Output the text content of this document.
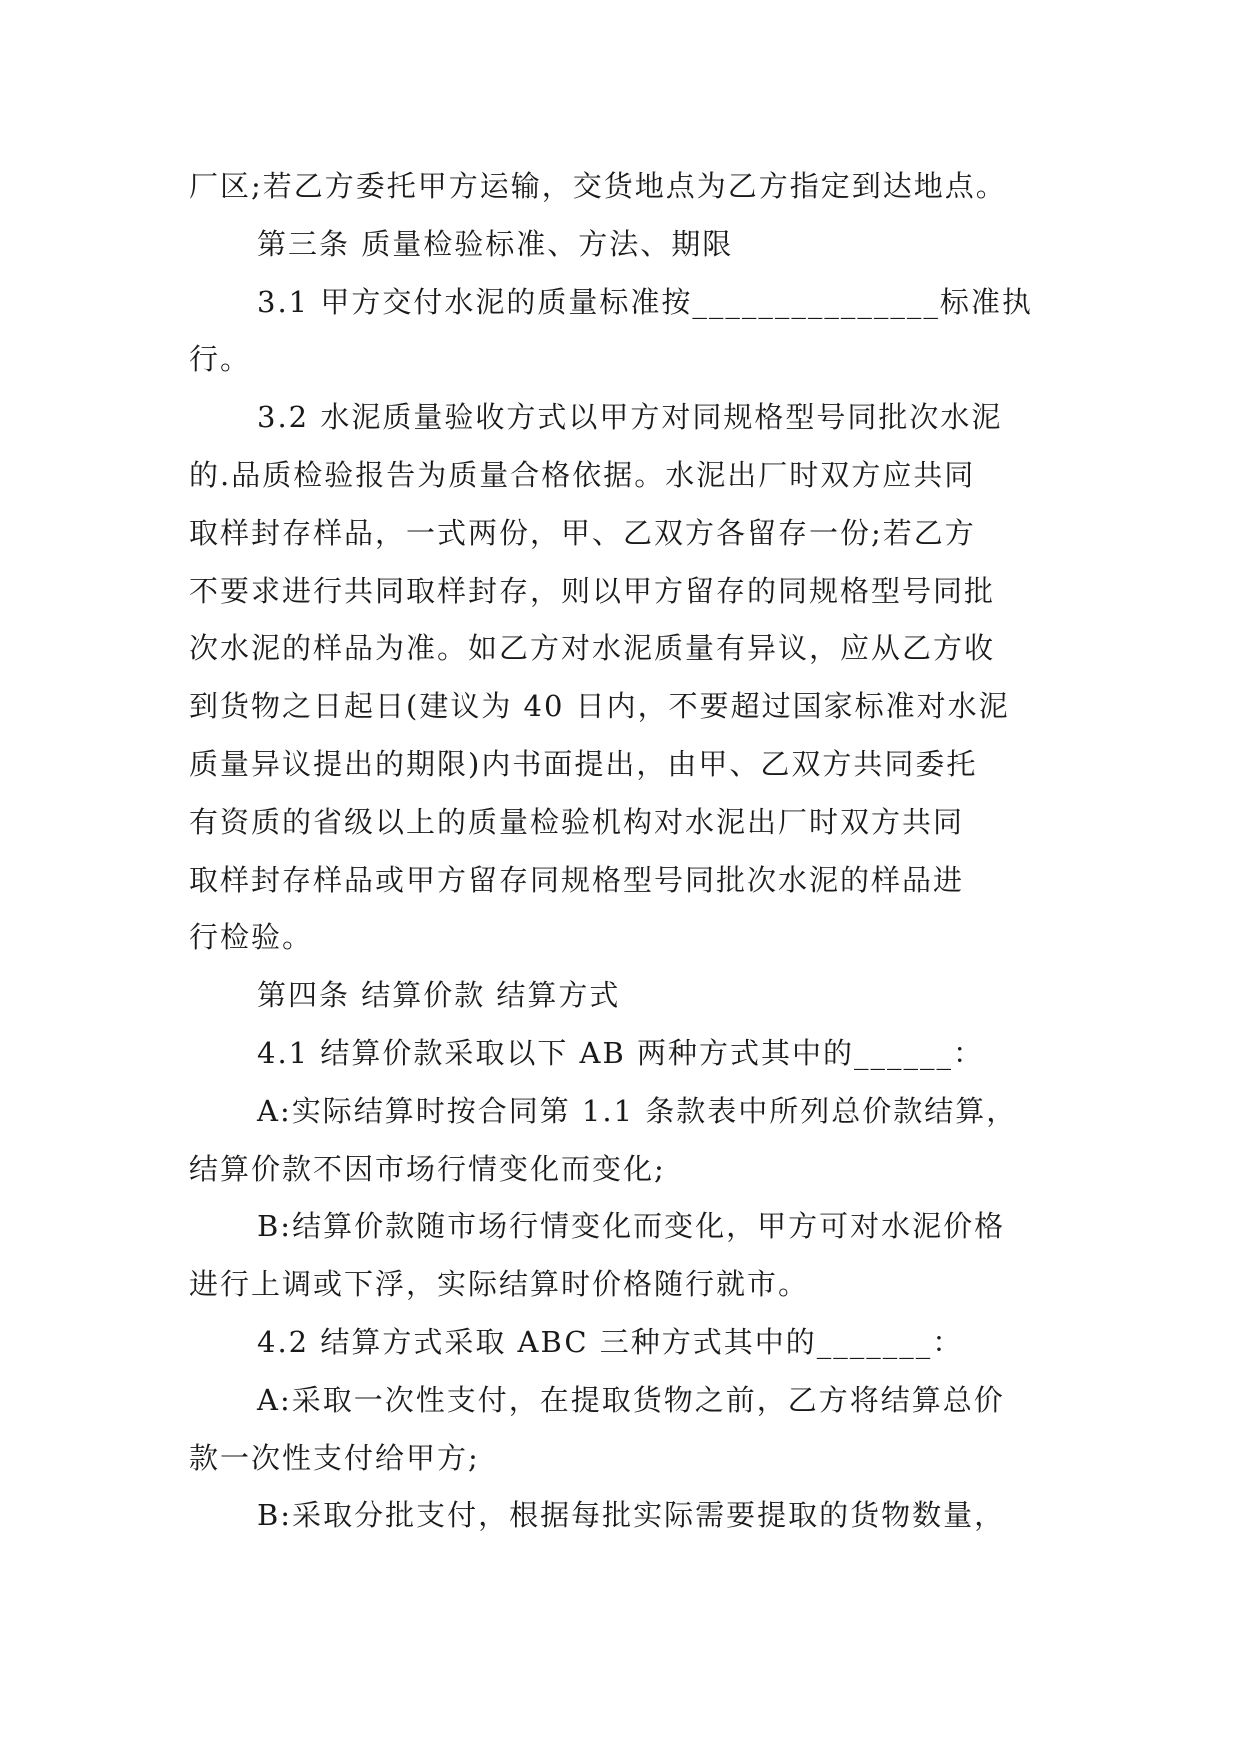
厂区;若乙方委托甲方运输，交货地点为乙方指定到达地点。
第三条 质量检验标准、方法、期限
3.1 甲方交付水泥的质量标准按_______________标准执
行。
3.2 水泥质量验收方式以甲方对同规格型号同批次水泥
的.品质检验报告为质量合格依据。水泥出厂时双方应共同
取样封存样品，一式两份，甲、乙双方各留存一份;若乙方
不要求进行共同取样封存，则以甲方留存的同规格型号同批
次水泥的样品为准。如乙方对水泥质量有异议，应从乙方收
到货物之日起日(建议为 40 日内，不要超过国家标准对水泥
质量异议提出的期限)内书面提出，由甲、乙双方共同委托
有资质的省级以上的质量检验机构对水泥出厂时双方共同
取样封存样品或甲方留存同规格型号同批次水泥的样品进
行检验。
第四条 结算价款 结算方式
4.1 结算价款采取以下 AB 两种方式其中的______：
A:实际结算时按合同第 1.1 条款表中所列总价款结算，
结算价款不因市场行情变化而变化;
B:结算价款随市场行情变化而变化，甲方可对水泥价格
进行上调或下浮，实际结算时价格随行就市。
4.2 结算方式采取 ABC 三种方式其中的_______：
A:采取一次性支付，在提取货物之前，乙方将结算总价
款一次性支付给甲方;
B:采取分批支付，根据每批实际需要提取的货物数量，
